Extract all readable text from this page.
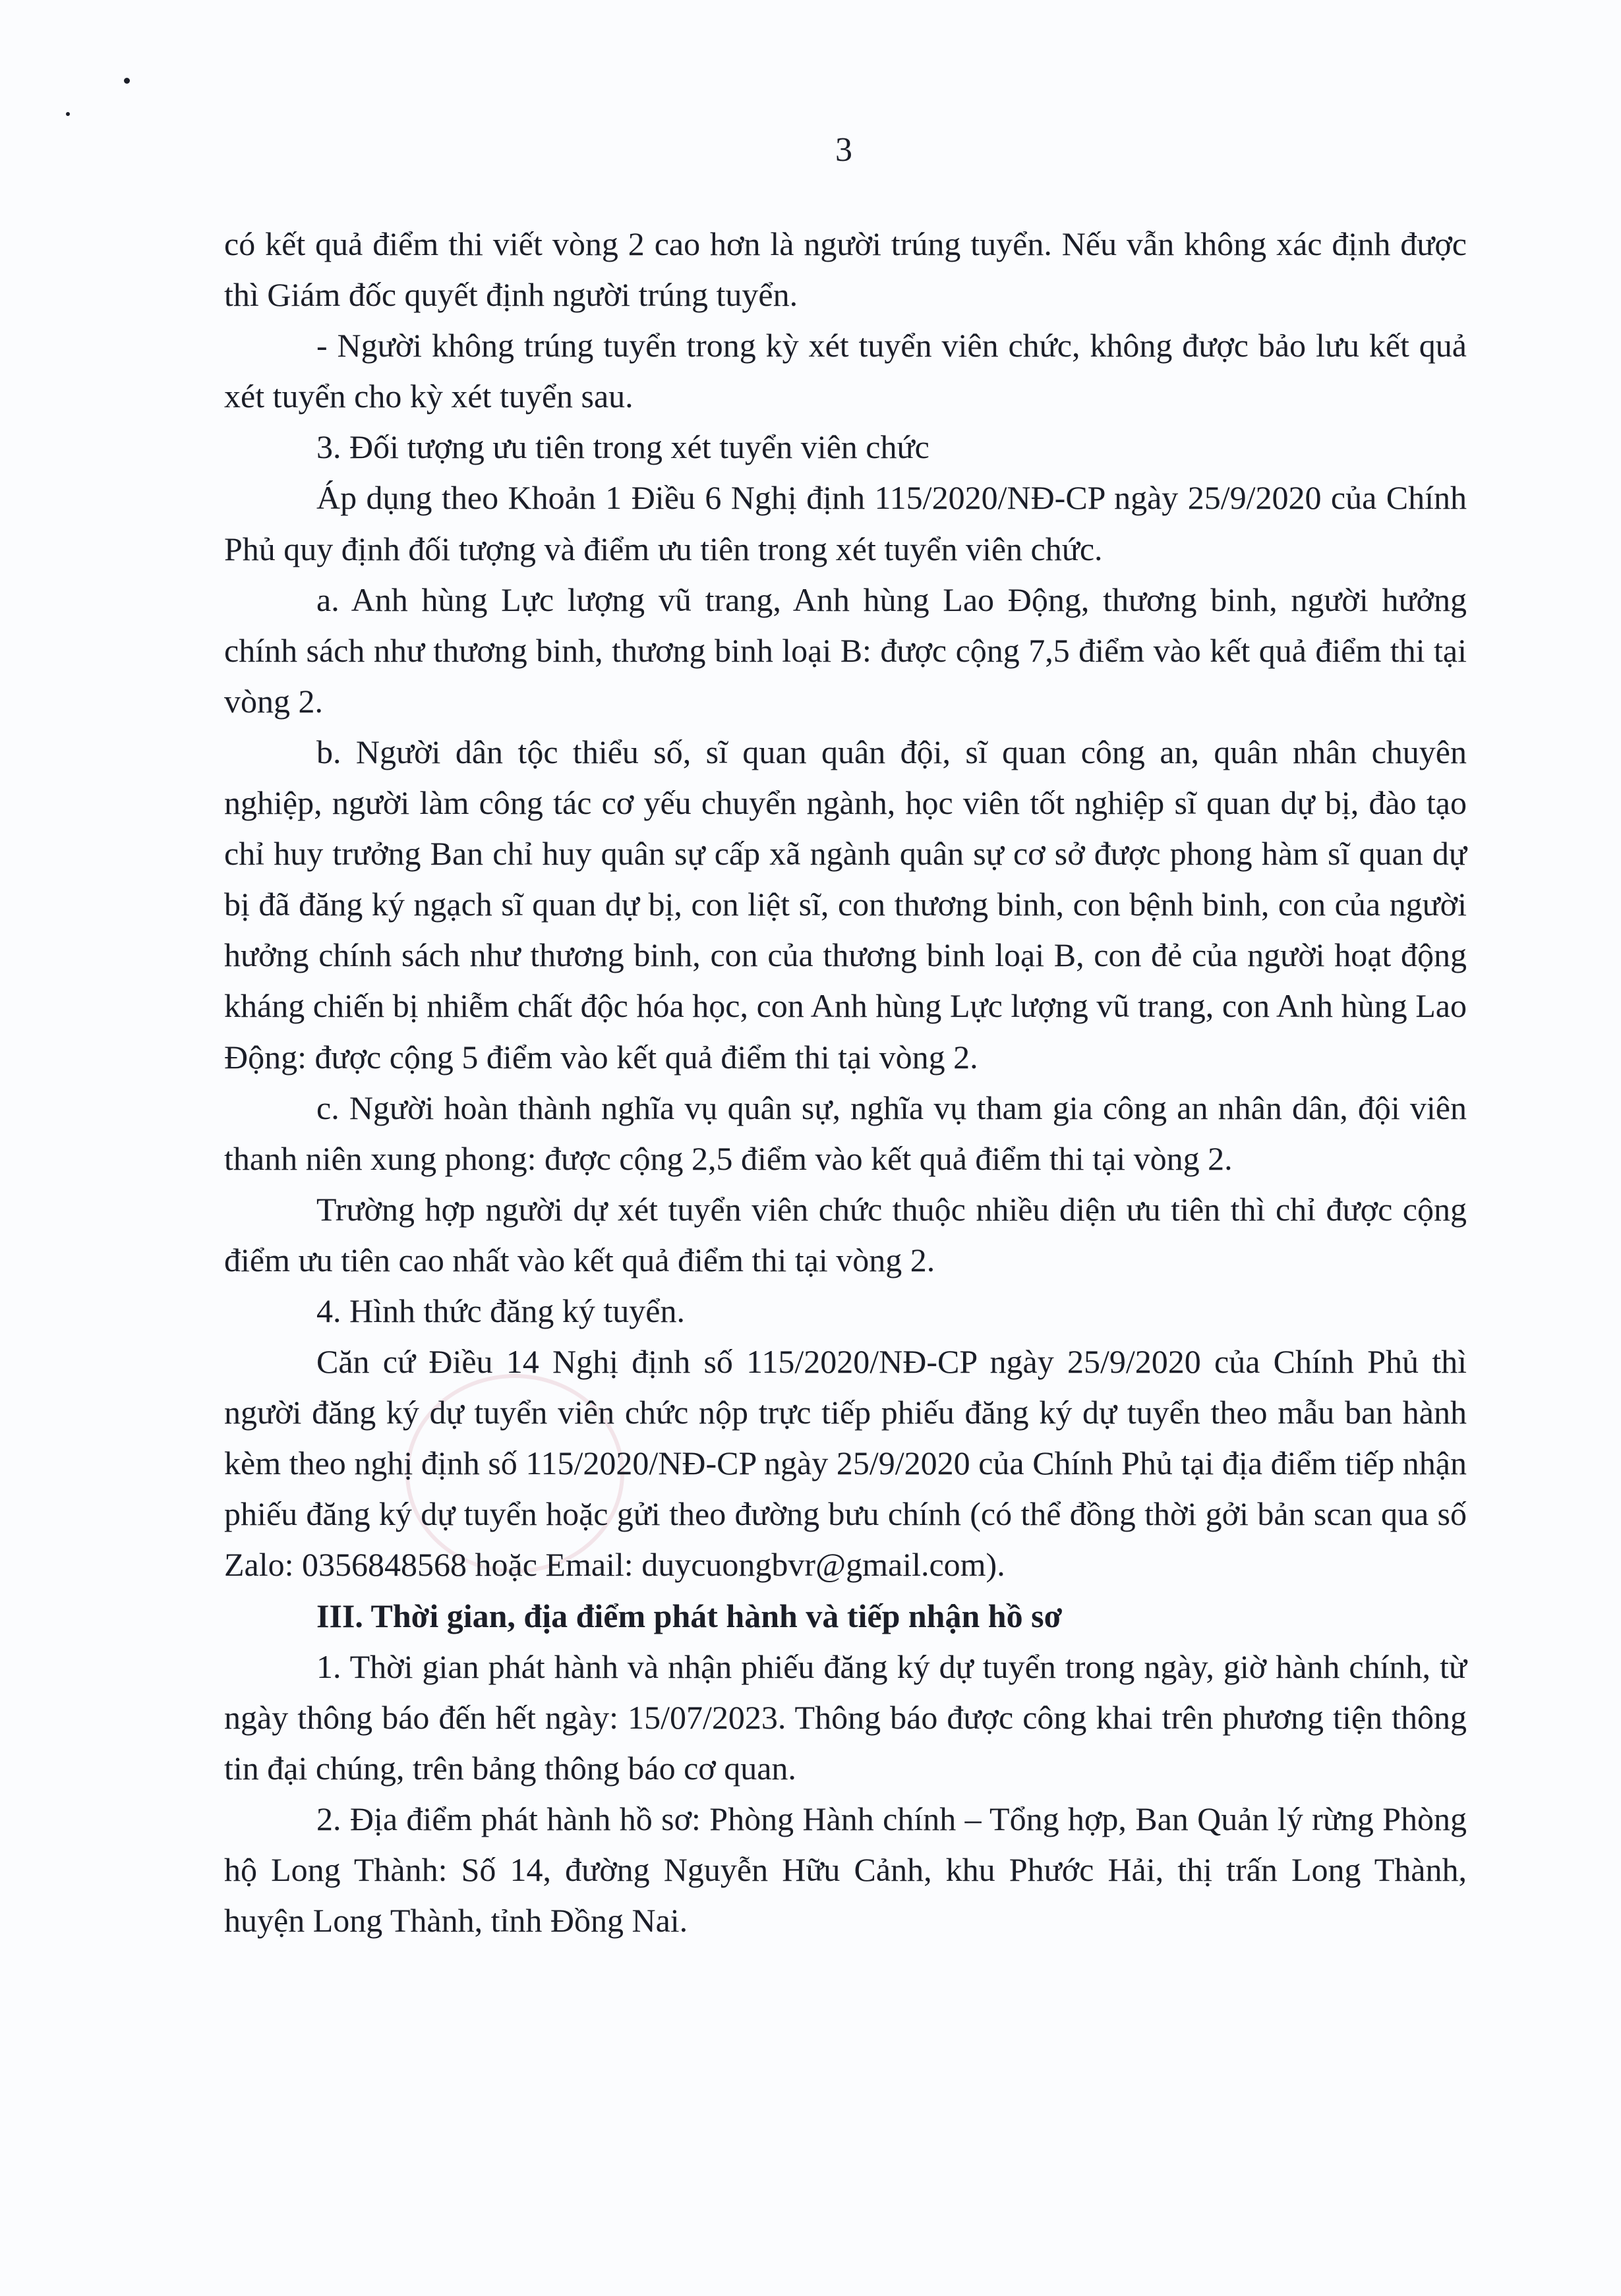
3

có kết quả điểm thi viết vòng 2 cao hơn là người trúng tuyển. Nếu vẫn không xác định được thì Giám đốc quyết định người trúng tuyển.

- Người không trúng tuyển trong kỳ xét tuyển viên chức, không được bảo lưu kết quả xét tuyển cho kỳ xét tuyển sau.

3. Đối tượng ưu tiên trong xét tuyển viên chức

Áp dụng theo Khoản 1 Điều 6 Nghị định 115/2020/NĐ-CP ngày 25/9/2020 của Chính Phủ quy định đối tượng và điểm ưu tiên trong xét tuyển viên chức.

a. Anh hùng Lực lượng vũ trang, Anh hùng Lao Động, thương binh, người hưởng chính sách như thương binh, thương binh loại B: được cộng 7,5 điểm vào kết quả điểm thi tại vòng 2.

b. Người dân tộc thiểu số, sĩ quan quân đội, sĩ quan công an, quân nhân chuyên nghiệp, người làm công tác cơ yếu chuyển ngành, học viên tốt nghiệp sĩ quan dự bị, đào tạo chỉ huy trưởng Ban chỉ huy quân sự cấp xã ngành quân sự cơ sở được phong hàm sĩ quan dự bị đã đăng ký ngạch sĩ quan dự bị, con liệt sĩ, con thương binh, con bệnh binh, con của người hưởng chính sách như thương binh, con của thương binh loại B, con đẻ của người hoạt động kháng chiến bị nhiễm chất độc hóa học, con Anh hùng Lực lượng vũ trang, con Anh hùng Lao Động: được cộng 5 điểm vào kết quả điểm thi tại vòng 2.

c. Người hoàn thành nghĩa vụ quân sự, nghĩa vụ tham gia công an nhân dân, đội viên thanh niên xung phong: được cộng 2,5 điểm vào kết quả điểm thi tại vòng 2.

Trường hợp người dự xét tuyển viên chức thuộc nhiều diện ưu tiên thì chỉ được cộng điểm ưu tiên cao nhất vào kết quả điểm thi tại vòng 2.

4. Hình thức đăng ký tuyển.

Căn cứ Điều 14 Nghị định số 115/2020/NĐ-CP ngày 25/9/2020 của Chính Phủ thì người đăng ký dự tuyển viên chức nộp trực tiếp phiếu đăng ký dự tuyển theo mẫu ban hành kèm theo nghị định số 115/2020/NĐ-CP ngày 25/9/2020 của Chính Phủ tại địa điểm tiếp nhận phiếu đăng ký dự tuyển hoặc gửi theo đường bưu chính (có thể đồng thời gởi bản scan qua số Zalo: 0356848568 hoặc Email: duycuongbvr@gmail.com).

III. Thời gian, địa điểm phát hành và tiếp nhận hồ sơ

1. Thời gian phát hành và nhận phiếu đăng ký dự tuyển trong ngày, giờ hành chính, từ ngày thông báo đến hết ngày: 15/07/2023. Thông báo được công khai trên phương tiện thông tin đại chúng, trên bảng thông báo cơ quan.

2. Địa điểm phát hành hồ sơ: Phòng Hành chính – Tổng hợp, Ban Quản lý rừng Phòng hộ Long Thành: Số 14, đường Nguyễn Hữu Cảnh, khu Phước Hải, thị trấn Long Thành, huyện Long Thành, tỉnh Đồng Nai.
